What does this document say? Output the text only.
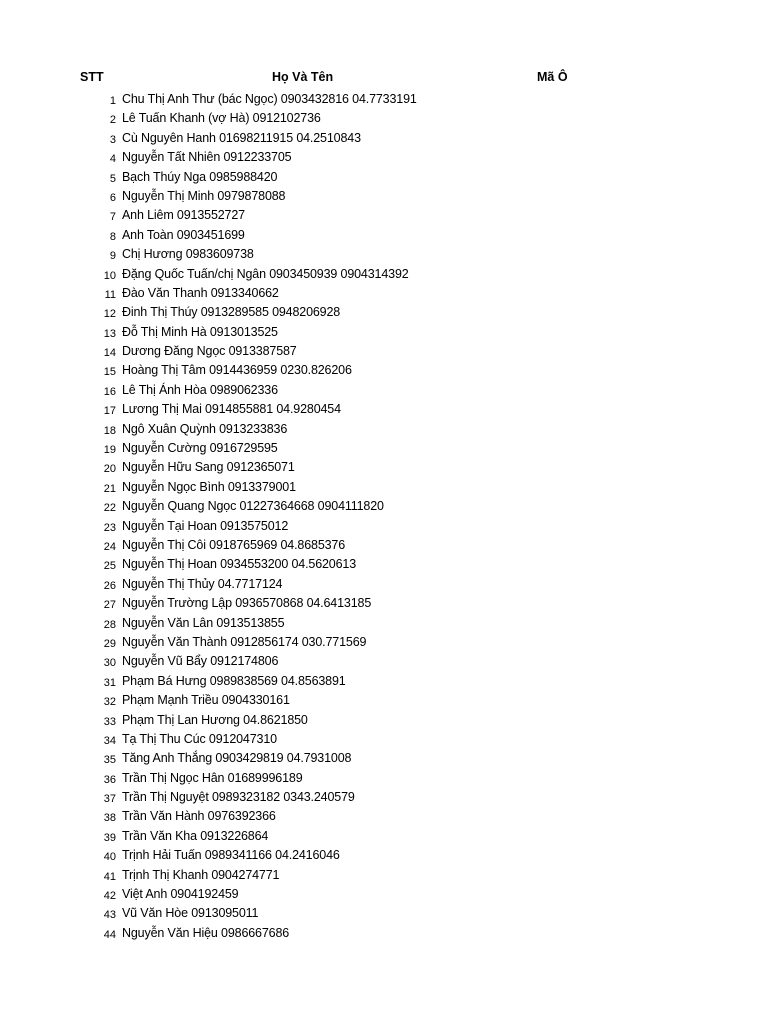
STT	Họ Và Tên	Mã Ô
1 Chu Thị Anh Thư (bác Ngọc) 0903432816 04.7733191
2 Lê Tuấn Khanh (vợ Hà) 0912102736
3 Cù Nguyên Hanh 01698211915 04.2510843
4 Nguyễn Tất Nhiên 0912233705
5 Bạch Thúy Nga 0985988420
6 Nguyễn Thị Minh 0979878088
7 Anh Liêm 0913552727
8 Anh Toàn 0903451699
9 Chị Hương 0983609738
10 Đặng Quốc Tuấn/chị Ngân 0903450939 0904314392
11 Đào Văn Thanh 0913340662
12 Đinh Thị Thúy 0913289585 0948206928
13 Đỗ Thị Minh Hà 0913013525
14 Dương Đăng Ngọc 0913387587
15 Hoàng Thị Tâm 0914436959 0230.826206
16 Lê Thị Ánh Hòa 0989062336
17 Lương Thị Mai 0914855881 04.9280454
18 Ngô Xuân Quỳnh 0913233836
19 Nguyễn Cường 0916729595
20 Nguyễn Hữu Sang 0912365071
21 Nguyễn Ngọc Bình 0913379001
22 Nguyễn Quang Ngọc 01227364668 0904111820
23 Nguyễn Tại Hoan 0913575012
24 Nguyễn Thị Côi 0918765969 04.8685376
25 Nguyễn Thị Hoan 0934553200 04.5620613
26 Nguyễn Thị Thủy 04.7717124
27 Nguyễn Trường Lập 0936570868 04.6413185
28 Nguyễn Văn Lân 0913513855
29 Nguyễn Văn Thành 0912856174 030.771569
30 Nguyễn Vũ Bẩy 0912174806
31 Phạm Bá Hưng 0989838569 04.8563891
32 Phạm Mạnh Triều 0904330161
33 Phạm Thị Lan Hương 04.8621850
34 Tạ Thị Thu Cúc 0912047310
35 Tăng Anh Thắng 0903429819 04.7931008
36 Trần Thị Ngọc Hân 01689996189
37 Trần Thị Nguyệt 0989323182 0343.240579
38 Trần Văn Hành 0976392366
39 Trần Văn Kha 0913226864
40 Trịnh Hải Tuấn 0989341166 04.2416046
41 Trịnh Thị Khanh 0904274771
42 Việt Anh 0904192459
43 Vũ Văn Hòe 0913095011
44 Nguyễn Văn Hiệu 0986667686
